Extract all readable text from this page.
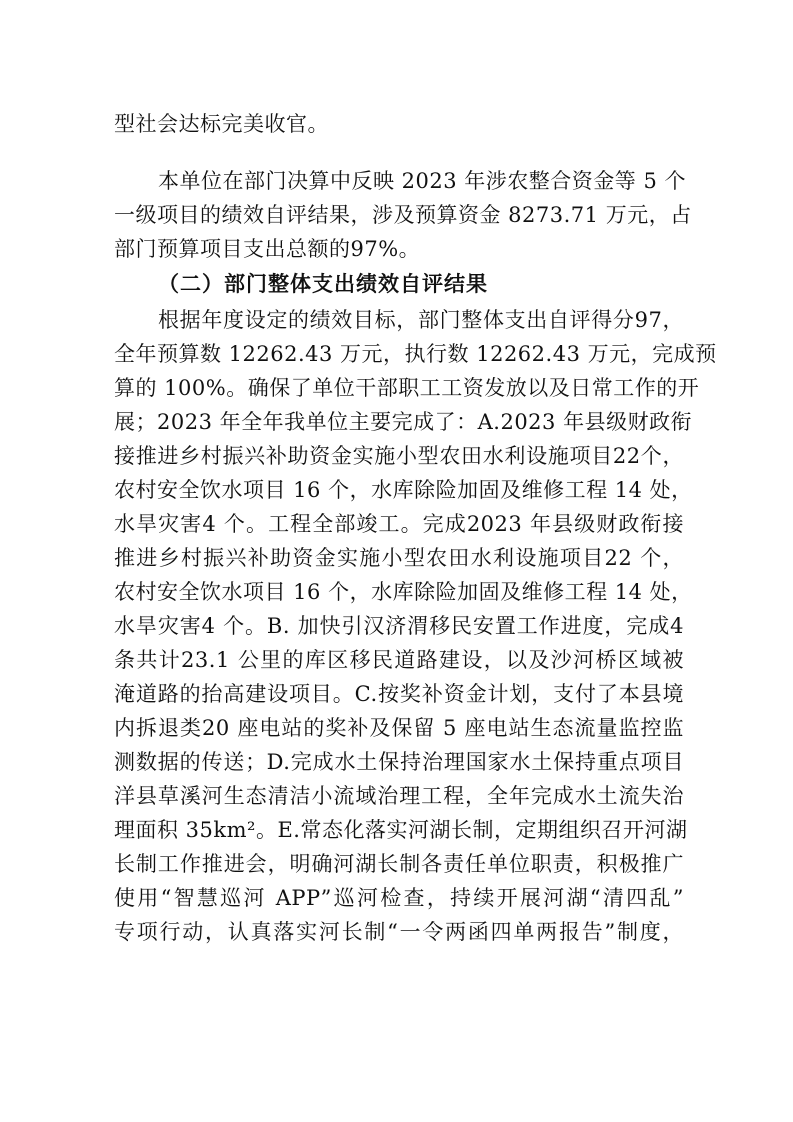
型社会达标完美收官。
本单位在部门决算中反映 2023 年涉农整合资金等 5 个
一级项目的绩效自评结果，涉及预算资金 8273.71 万元，占
部门预算项目支出总额的97%。
（二）部门整体支出绩效自评结果
根据年度设定的绩效目标，部门整体支出自评得分97，
全年预算数 12262.43 万元，执行数 12262.43 万元，完成预
算的 100%。确保了单位干部职工工资发放以及日常工作的开
展；2023 年全年我单位主要完成了：A.2023 年县级财政衔
接推进乡村振兴补助资金实施小型农田水利设施项目22个，
农村安全饮水项目 16 个，水库除险加固及维修工程 14 处，
水旱灾害4 个。工程全部竣工。完成2023 年县级财政衔接
推进乡村振兴补助资金实施小型农田水利设施项目22 个，
农村安全饮水项目 16 个，水库除险加固及维修工程 14 处，
水旱灾害4 个。B. 加快引汉济渭移民安置工作进度，完成4
条共计23.1 公里的库区移民道路建设，以及沙河桥区域被
淹道路的抬高建设项目。C.按奖补资金计划，支付了本县境
内拆退类20 座电站的奖补及保留 5 座电站生态流量监控监
测数据的传送；D.完成水土保持治理国家水土保持重点项目
洋县草溪河生态清洁小流域治理工程，全年完成水土流失治
理面积 35km²。E.常态化落实河湖长制，定期组织召开河湖
长制工作推进会，明确河湖长制各责任单位职责，积极推广
使用“智慧巡河 APP”巡河检查，持续开展河湖“清四乱”
专项行动，认真落实河长制“一令两函四单两报告”制度，
